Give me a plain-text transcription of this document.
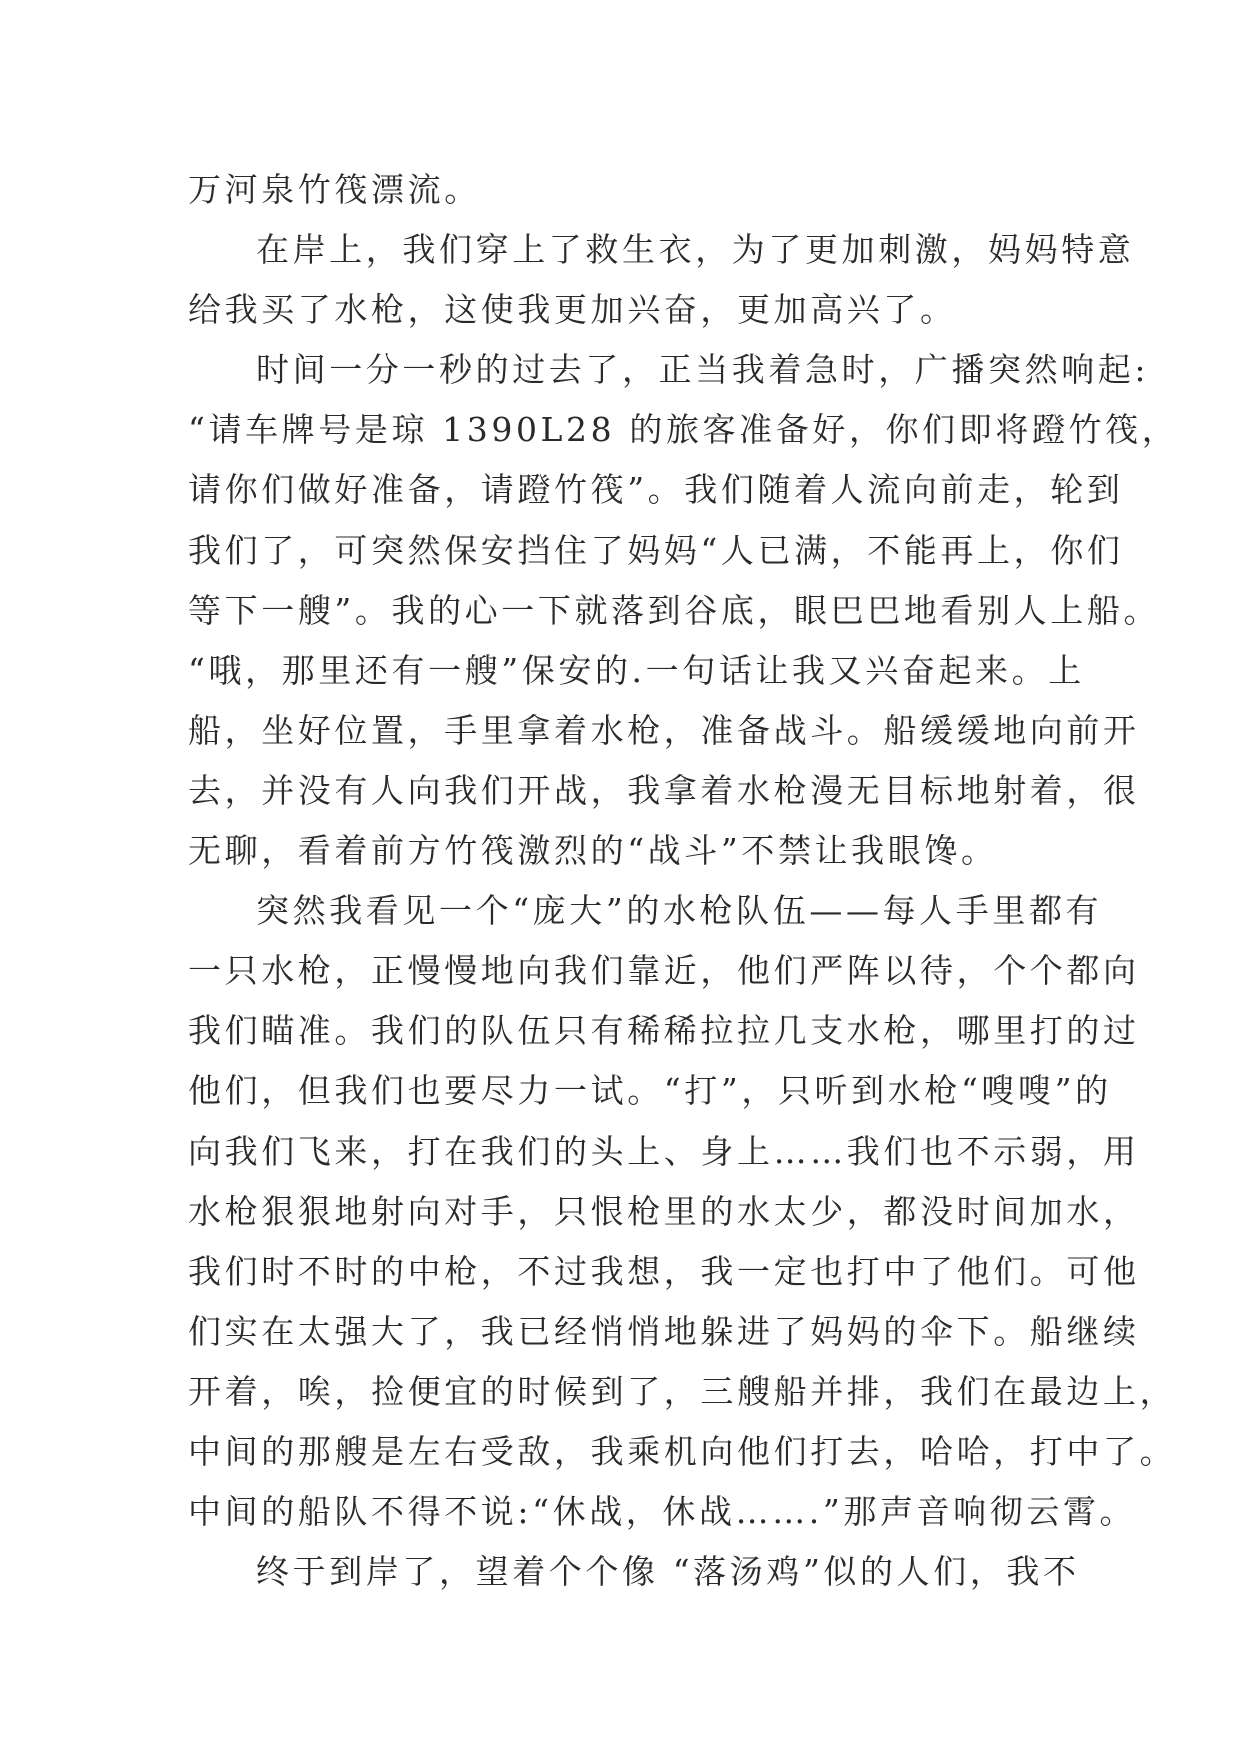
万河泉竹筏漂流。
在岸上，我们穿上了救生衣，为了更加刺激，妈妈特意
给我买了水枪，这使我更加兴奋，更加高兴了。
时间一分一秒的过去了，正当我着急时，广播突然响起:
“请车牌号是琼 1390L28 的旅客准备好，你们即将蹬竹筏，
请你们做好准备，请蹬竹筏”。我们随着人流向前走，轮到
我们了，可突然保安挡住了妈妈“人已满，不能再上，你们
等下一艘”。我的心一下就落到谷底，眼巴巴地看别人上船。
“哦，那里还有一艘”保安的.一句话让我又兴奋起来。上
船，坐好位置，手里拿着水枪，准备战斗。船缓缓地向前开
去，并没有人向我们开战，我拿着水枪漫无目标地射着，很
无聊，看着前方竹筏激烈的“战斗”不禁让我眼馋。
突然我看见一个“庞大”的水枪队伍——每人手里都有
一只水枪，正慢慢地向我们靠近，他们严阵以待，个个都向
我们瞄准。我们的队伍只有稀稀拉拉几支水枪，哪里打的过
他们，但我们也要尽力一试。“打”，只听到水枪“嗖嗖”的
向我们飞来，打在我们的头上、身上……我们也不示弱，用
水枪狠狠地射向对手，只恨枪里的水太少，都没时间加水，
我们时不时的中枪，不过我想，我一定也打中了他们。可他
们实在太强大了，我已经悄悄地躲进了妈妈的伞下。船继续
开着，唉，捡便宜的时候到了，三艘船并排，我们在最边上，
中间的那艘是左右受敌，我乘机向他们打去，哈哈，打中了。
中间的船队不得不说:“休战，休战…….”那声音响彻云霄。
终于到岸了，望着个个像 “落汤鸡”似的人们，我不
